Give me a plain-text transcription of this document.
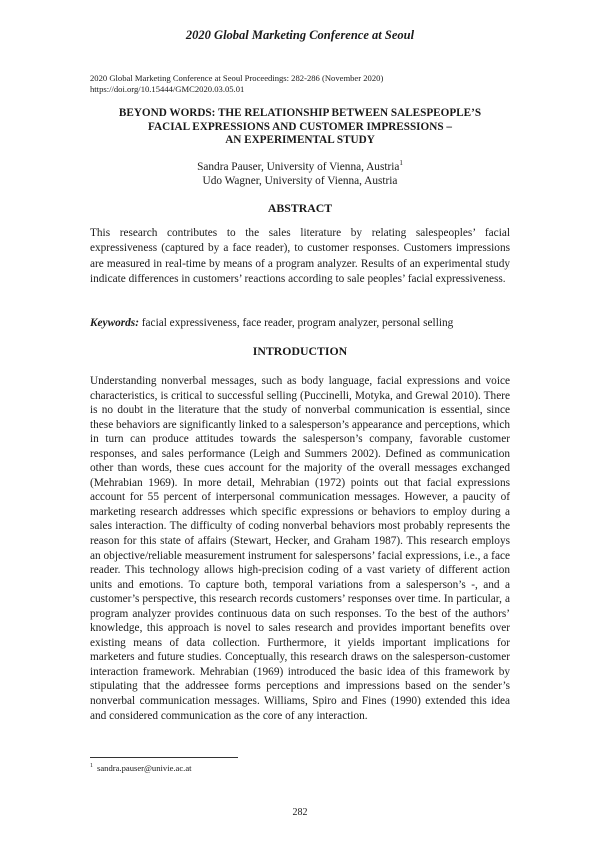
2020 Global Marketing Conference at Seoul
2020 Global Marketing Conference at Seoul Proceedings: 282-286 (November 2020)
https://doi.org/10.15444/GMC2020.03.05.01
BEYOND WORDS: THE RELATIONSHIP BETWEEN SALESPEOPLE’S
FACIAL EXPRESSIONS AND CUSTOMER IMPRESSIONS –
AN EXPERIMENTAL STUDY
Sandra Pauser, University of Vienna, Austria$^1$
Udo Wagner, University of Vienna, Austria
ABSTRACT
This research contributes to the sales literature by relating salespeoples’ facial expressiveness (captured by a face reader), to customer responses. Customers impressions are measured in real-time by means of a program analyzer. Results of an experimental study indicate differences in customers’ reactions according to sale peoples’ facial expressiveness.
Keywords: facial expressiveness, face reader, program analyzer, personal selling
INTRODUCTION
Understanding nonverbal messages, such as body language, facial expressions and voice characteristics, is critical to successful selling (Puccinelli, Motyka, and Grewal 2010). There is no doubt in the literature that the study of nonverbal communication is essential, since these behaviors are significantly linked to a salesperson’s appearance and perceptions, which in turn can produce attitudes towards the salesperson’s company, favorable customer responses, and sales performance (Leigh and Summers 2002). Defined as communication other than words, these cues account for the majority of the overall messages exchanged (Mehrabian 1969). In more detail, Mehrabian (1972) points out that facial expressions account for 55 percent of interpersonal communication messages. However, a paucity of marketing research addresses which specific expressions or behaviors to employ during a sales interaction. The difficulty of coding nonverbal behaviors most probably represents the reason for this state of affairs (Stewart, Hecker, and Graham 1987). This research employs an objective/reliable measurement instrument for salespersons’ facial expressions, i.e., a face reader. This technology allows high-precision coding of a vast variety of different action units and emotions. To capture both, temporal variations from a salesperson’s -, and a customer’s perspective, this research records customers’ responses over time. In particular, a program analyzer provides continuous data on such responses. To the best of the authors’ knowledge, this approach is novel to sales research and provides important benefits over existing means of data collection. Furthermore, it yields important implications for marketers and future studies. Conceptually, this research draws on the salesperson-customer interaction framework. Mehrabian (1969) introduced the basic idea of this framework by stipulating that the addressee forms perceptions and impressions based on the sender’s nonverbal communication messages. Williams, Spiro and Fines (1990) extended this idea and considered communication as the core of any interaction.
$^1$ sandra.pauser@univie.ac.at
282
